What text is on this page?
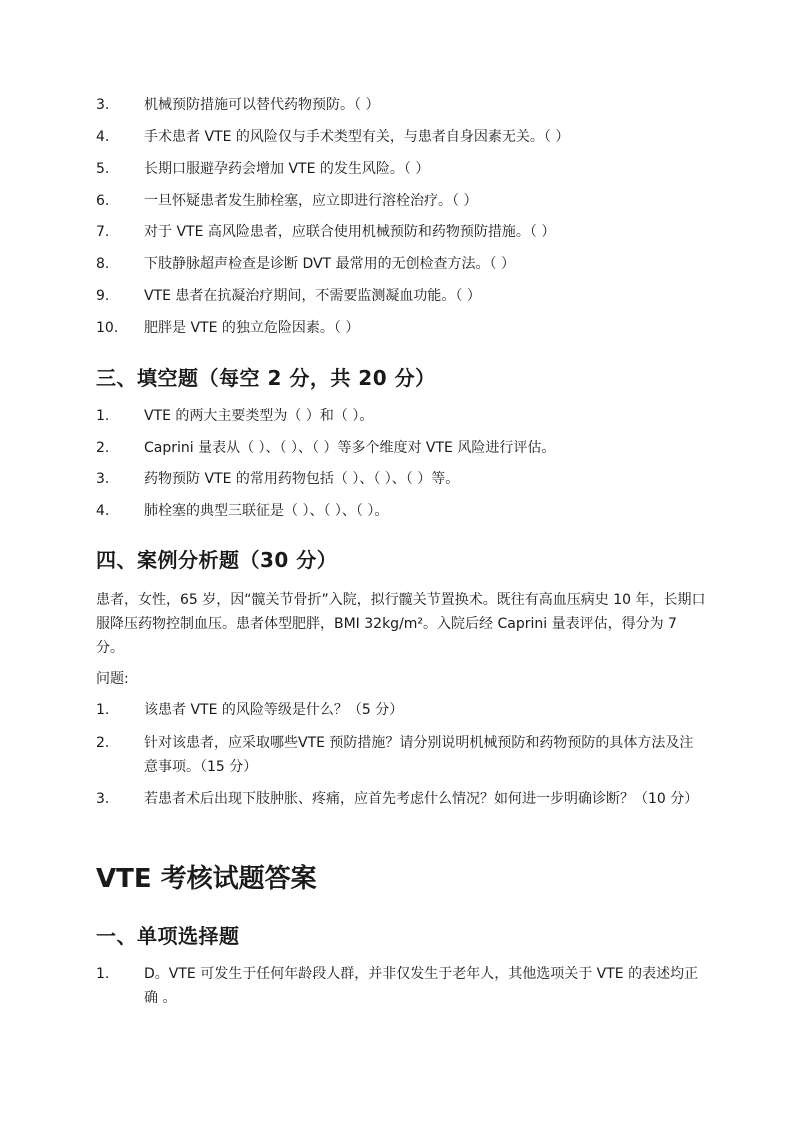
3.	机械预防措施可以替代药物预防。（ ）
4.	手术患者 VTE 的风险仅与手术类型有关，与患者自身因素无关。（ ）
5.	长期口服避孕药会增加 VTE 的发生风险。（ ）
6.	一旦怀疑患者发生肺栓塞，应立即进行溶栓治疗。（ ）
7.	对于 VTE 高风险患者，应联合使用机械预防和药物预防措施。（ ）
8.	下肢静脉超声检查是诊断 DVT 最常用的无创检查方法。（ ）
9.	VTE 患者在抗凝治疗期间，不需要监测凝血功能。（ ）
10.	肥胖是 VTE 的独立危险因素。（ ）
三、填空题（每空 2 分，共 20 分）
1.	VTE 的两大主要类型为（ ）和（ ）。
2.	Caprini 量表从（ ）、（ ）、（ ）等多个维度对 VTE 风险进行评估。
3.	药物预防 VTE 的常用药物包括（ ）、（ ）、（ ）等。
4.	肺栓塞的典型三联征是（ ）、（ ）、（ ）。
四、案例分析题（30 分）
患者，女性，65 岁，因“髋关节骨折”入院，拟行髋关节置换术。既往有高血压病史 10 年，长期口服降压药物控制血压。患者体型肥胖，BMI 32kg/m²。入院后经 Caprini 量表评估，得分为 7 分。
问题:
1.	该患者 VTE 的风险等级是什么？（5 分）
2.	针对该患者，应采取哪些VTE 预防措施？请分别说明机械预防和药物预防的具体方法及注意事项。（15 分）
3.	若患者术后出现下肢肿胀、疼痛，应首先考虑什么情况？如何进一步明确诊断？（10 分）
VTE 考核试题答案
一、单项选择题
1.	D。VTE 可发生于任何年龄段人群，并非仅发生于老年人，其他选项关于 VTE 的表述均正确 。
